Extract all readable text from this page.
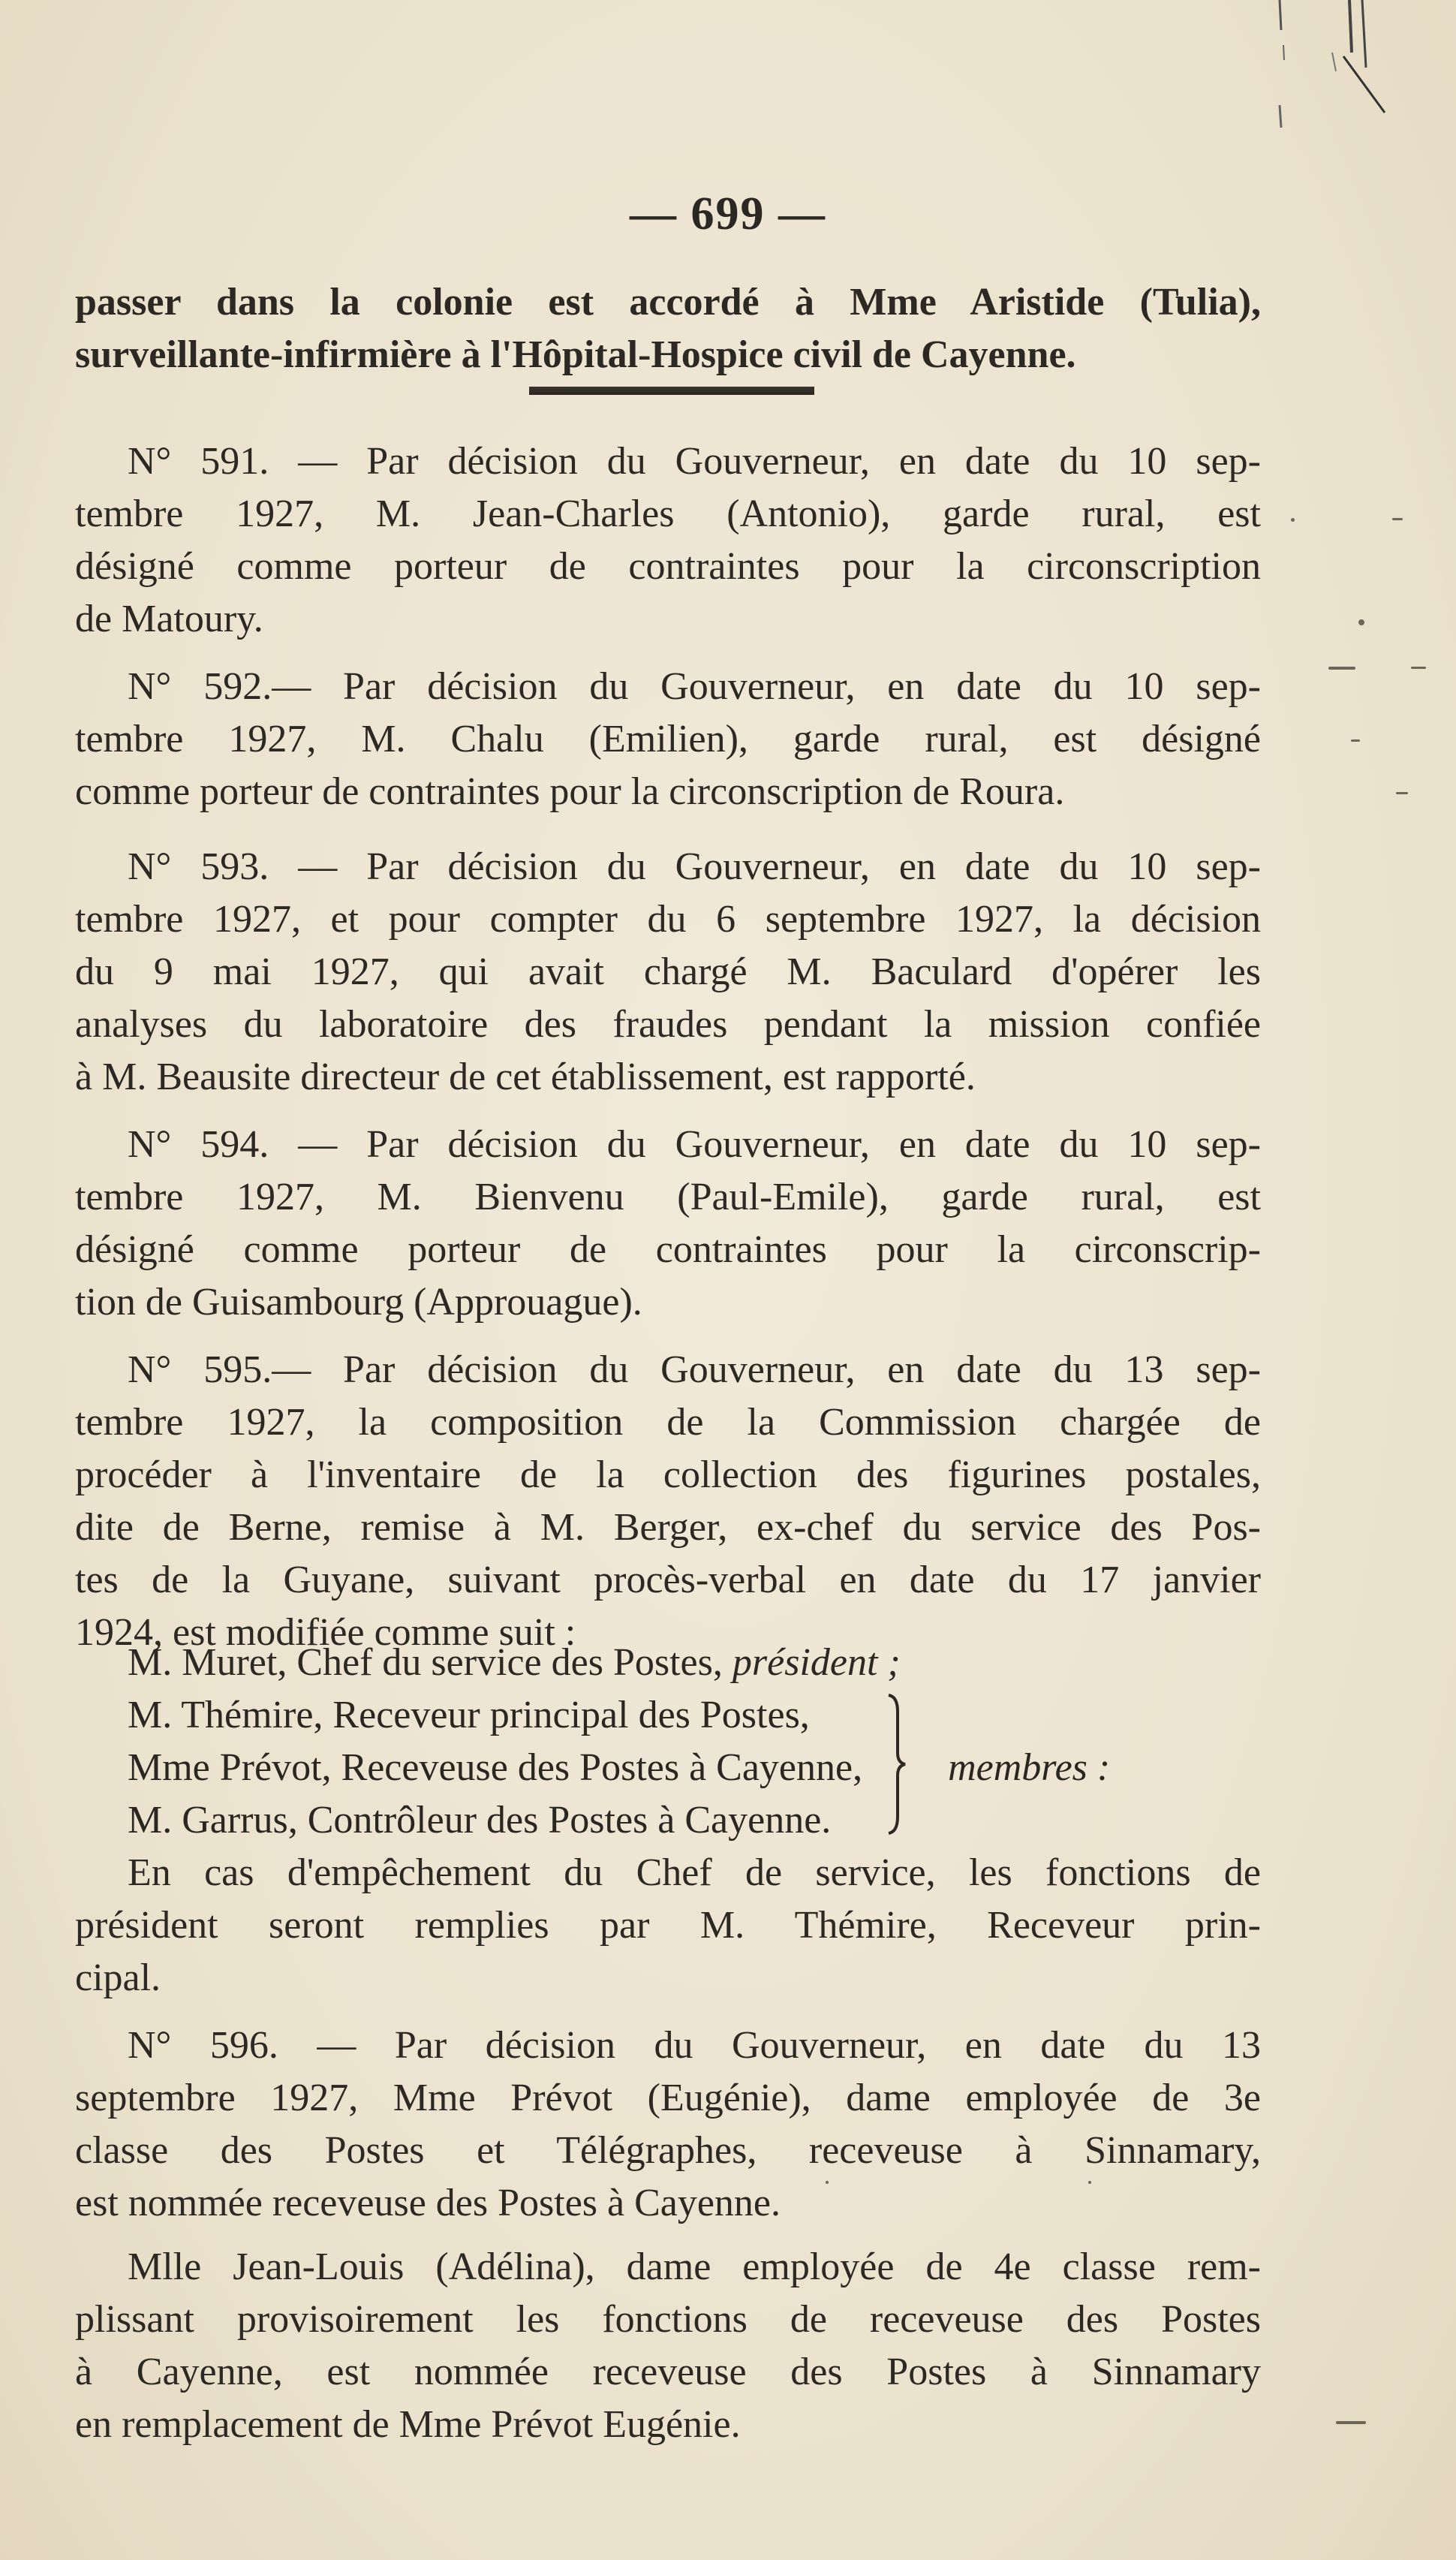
— 699 —
passer dans la colonie est accordé à Mme Aristide (Tulia),
surveillante-infirmière à l'Hôpital-Hospice civil de Cayenne.
N° 591. — Par décision du Gouverneur, en date du 10 sep-
tembre 1927, M. Jean-Charles (Antonio), garde rural, est
désigné comme porteur de contraintes pour la circonscription
de Matoury.
N° 592.— Par décision du Gouverneur, en date du 10 sep-
tembre 1927, M. Chalu (Emilien), garde rural, est désigné
comme porteur de contraintes pour la circonscription de Roura.
N° 593. — Par décision du Gouverneur, en date du 10 sep-
tembre 1927, et pour compter du 6 septembre 1927, la décision
du 9 mai 1927, qui avait chargé M. Baculard d'opérer les
analyses du laboratoire des fraudes pendant la mission confiée
à M. Beausite directeur de cet établissement, est rapporté.
N° 594. — Par décision du Gouverneur, en date du 10 sep-
tembre 1927, M. Bienvenu (Paul-Emile), garde rural, est
désigné comme porteur de contraintes pour la circonscrip-
tion de Guisambourg (Approuague).
N° 595.— Par décision du Gouverneur, en date du 13 sep-
tembre 1927, la composition de la Commission chargée de
procéder à l'inventaire de la collection des figurines postales,
dite de Berne, remise à M. Berger, ex-chef du service des Pos-
tes de la Guyane, suivant procès-verbal en date du 17 janvier
1924, est modifiée comme suit :
M. Muret, Chef du service des Postes, président ;
M. Thémire, Receveur principal des Postes,
Mme Prévot, Receveuse des Postes à Cayenne,
M. Garrus, Contrôleur des Postes à Cayenne.
membres :
En cas d'empêchement du Chef de service, les fonctions de
président seront remplies par M. Thémire, Receveur prin-
cipal.
N° 596. — Par décision du Gouverneur, en date du 13
septembre 1927, Mme Prévot (Eugénie), dame employée de 3e
classe des Postes et Télégraphes, receveuse à Sinnamary,
est nommée receveuse des Postes à Cayenne.
Mlle Jean-Louis (Adélina), dame employée de 4e classe rem-
plissant provisoirement les fonctions de receveuse des Postes
à Cayenne, est nommée receveuse des Postes à Sinnamary
en remplacement de Mme Prévot Eugénie.
